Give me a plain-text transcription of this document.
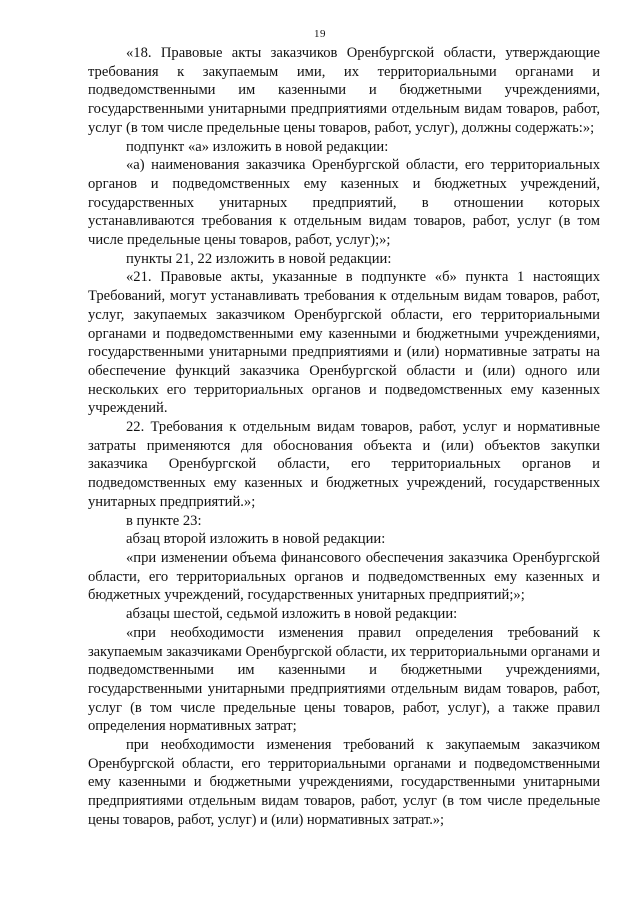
19

«18. Правовые акты заказчиков Оренбургской области, утверждающие требования к закупаемым ими, их территориальными органами и подведомственными им казенными и бюджетными учреждениями, государственными унитарными предприятиями отдельным видам товаров, работ, услуг (в том числе предельные цены товаров, работ, услуг), должны содержать:»;

подпункт «а» изложить в новой редакции:

«а) наименования заказчика Оренбургской области, его территориальных органов и подведомственных ему казенных и бюджетных учреждений, государственных унитарных предприятий, в отношении которых устанавливаются требования к отдельным видам товаров, работ, услуг (в том числе предельные цены товаров, работ, услуг);»;

пункты 21, 22 изложить в новой редакции:

«21. Правовые акты, указанные в подпункте «б» пункта 1 настоящих Требований, могут устанавливать требования к отдельным видам товаров, работ, услуг, закупаемых заказчиком Оренбургской области, его территориальными органами и подведомственными ему казенными и бюджетными учреждениями, государственными унитарными предприятиями и (или) нормативные затраты на обеспечение функций заказчика Оренбургской области и (или) одного или нескольких его территориальных органов и подведомственных ему казенных учреждений.

22. Требования к отдельным видам товаров, работ, услуг и нормативные затраты применяются для обоснования объекта и (или) объектов закупки заказчика Оренбургской области, его территориальных органов и подведомственных ему казенных и бюджетных учреждений, государственных унитарных предприятий.»;

в пункте 23:

абзац второй изложить в новой редакции:

«при изменении объема финансового обеспечения заказчика Оренбургской области, его территориальных органов и подведомственных ему казенных и бюджетных учреждений, государственных унитарных предприятий;»;

абзацы шестой, седьмой изложить в новой редакции:

«при необходимости изменения правил определения требований к закупаемым заказчиками Оренбургской области, их территориальными органами и подведомственными им казенными и бюджетными учреждениями, государственными унитарными предприятиями отдельным видам товаров, работ, услуг (в том числе предельные цены товаров, работ, услуг), а также правил определения нормативных затрат;

при необходимости изменения требований к закупаемым заказчиком Оренбургской области, его территориальными органами и подведомственными ему казенными и бюджетными учреждениями, государственными унитарными предприятиями отдельным видам товаров, работ, услуг (в том числе предельные цены товаров, работ, услуг) и (или) нормативных затрат.»;
